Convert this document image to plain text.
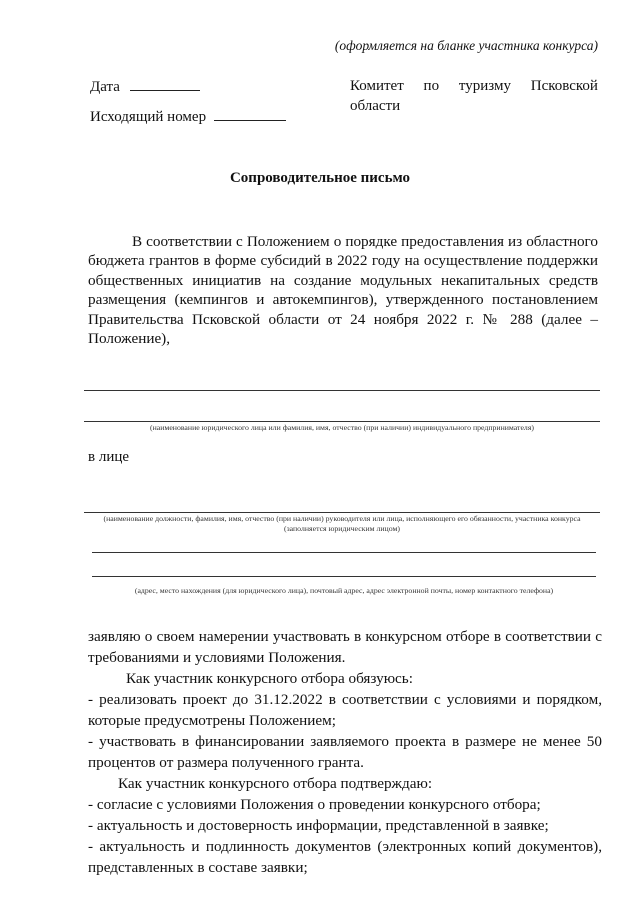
(оформляется на бланке участника конкурса)
Дата
Исходящий номер
Комитет по туризму Псковской
области
Сопроводительное письмо
В соответствии с Положением о порядке предоставления из областного бюджета грантов в форме субсидий в 2022 году на осуществление поддержки общественных инициатив на создание модульных некапитальных средств размещения (кемпингов и автокемпингов), утвержденного постановлением Правительства Псковской области от 24 ноября 2022 г. № 288 (далее – Положение),
(наименование юридического лица или фамилия, имя, отчество (при наличии) индивидуального предпринимателя)
в лице
(наименование должности, фамилия, имя, отчество (при наличии) руководителя или лица, исполняющего его обязанности, участника конкурса (заполняется юридическим лицом)
(адрес, место нахождения (для юридического лица), почтовый адрес, адрес электронной почты, номер контактного телефона)

заявляю о своем намерении участвовать в конкурсном отборе в соответствии с требованиями и условиями Положения.

Как участник конкурсного отбора обязуюсь:

- реализовать проект до 31.12.2022 в соответствии с условиями и порядком, которые предусмотрены Положением;

- участвовать в финансировании заявляемого проекта в размере не менее 50 процентов от размера полученного гранта.

Как участник конкурсного отбора подтверждаю:

- согласие с условиями Положения о проведении конкурсного отбора;

- актуальность и достоверность информации, представленной в заявке;

- актуальность и подлинность документов (электронных копий документов), представленных в составе заявки;
